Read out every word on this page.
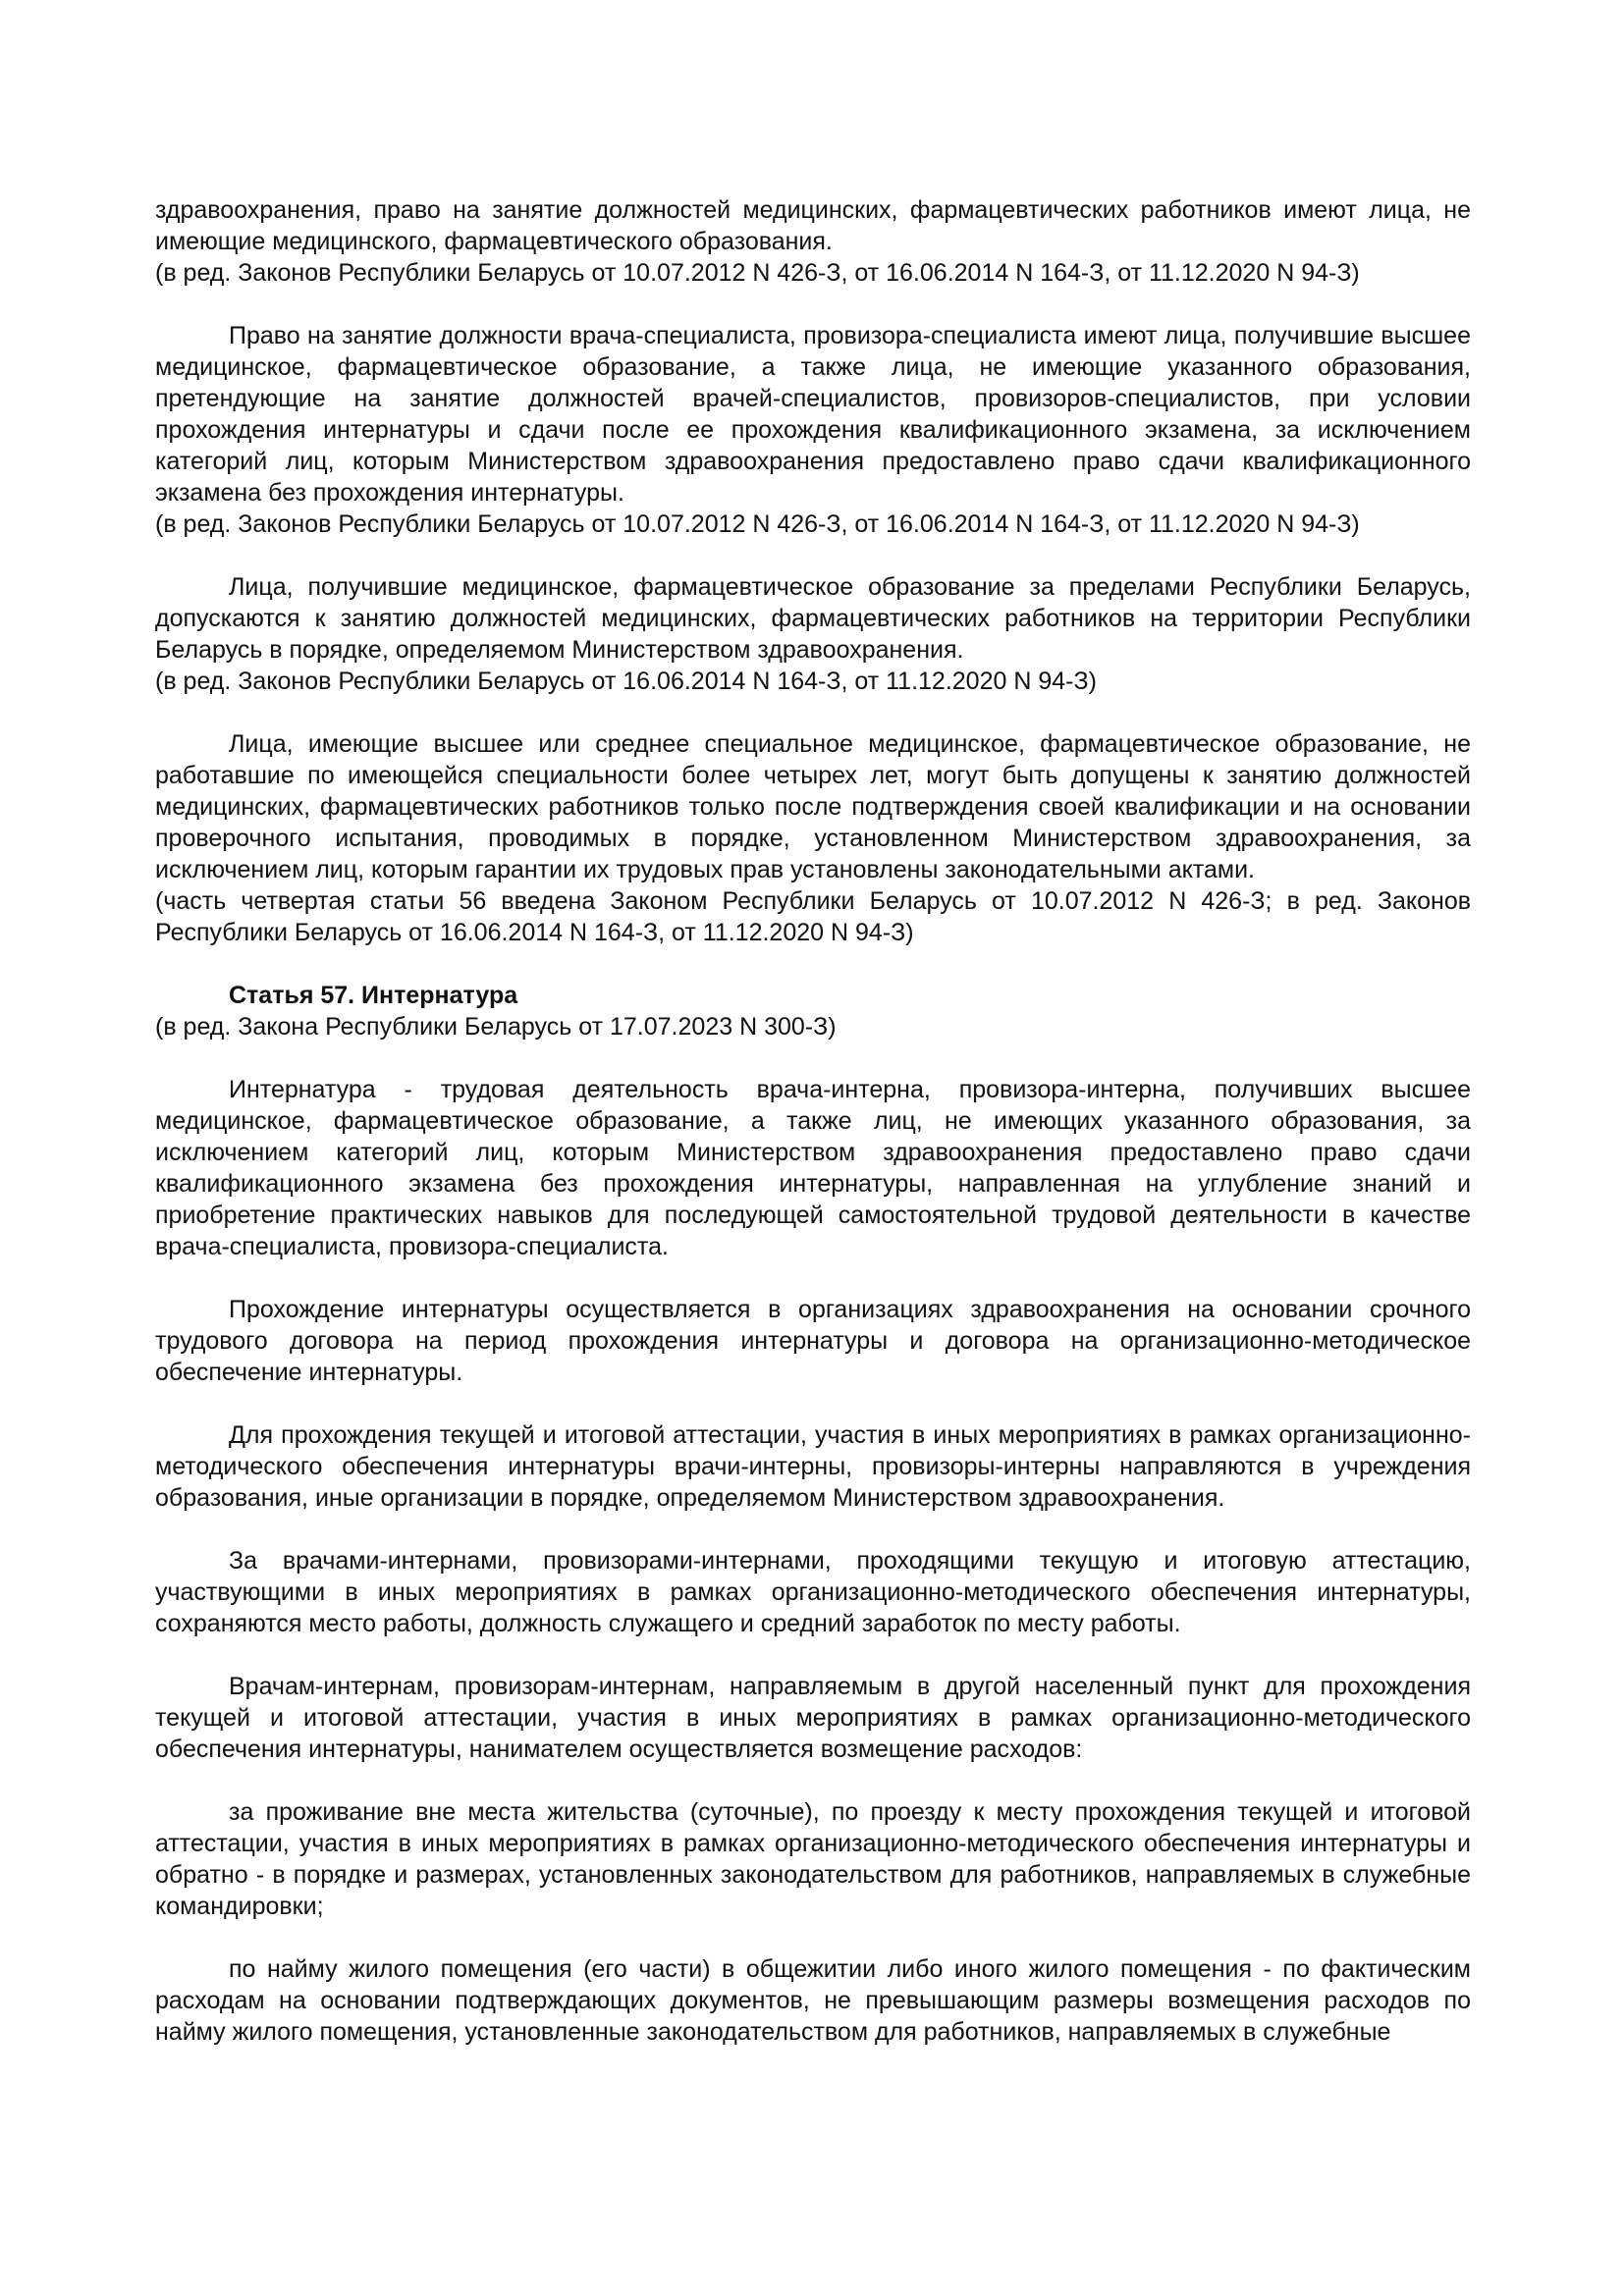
здравоохранения, право на занятие должностей медицинских, фармацевтических работников имеют лица, не имеющие медицинского, фармацевтического образования.

(в ред. Законов Республики Беларусь от 10.07.2012 N 426-З, от 16.06.2014 N 164-З, от 11.12.2020 N 94-З)

Право на занятие должности врача-специалиста, провизора-специалиста имеют лица, получившие высшее медицинское, фармацевтическое образование, а также лица, не имеющие указанного образования, претендующие на занятие должностей врачей-специалистов, провизоров-специалистов, при условии прохождения интернатуры и сдачи после ее прохождения квалификационного экзамена, за исключением категорий лиц, которым Министерством здравоохранения предоставлено право сдачи квалификационного экзамена без прохождения интернатуры.

(в ред. Законов Республики Беларусь от 10.07.2012 N 426-З, от 16.06.2014 N 164-З, от 11.12.2020 N 94-З)

Лица, получившие медицинское, фармацевтическое образование за пределами Республики Беларусь, допускаются к занятию должностей медицинских, фармацевтических работников на территории Республики Беларусь в порядке, определяемом Министерством здравоохранения.

(в ред. Законов Республики Беларусь от 16.06.2014 N 164-З, от 11.12.2020 N 94-З)

Лица, имеющие высшее или среднее специальное медицинское, фармацевтическое образование, не работавшие по имеющейся специальности более четырех лет, могут быть допущены к занятию должностей медицинских, фармацевтических работников только после подтверждения своей квалификации и на основании проверочного испытания, проводимых в порядке, установленном Министерством здравоохранения, за исключением лиц, которым гарантии их трудовых прав установлены законодательными актами.

(часть четвертая статьи 56 введена Законом Республики Беларусь от 10.07.2012 N 426-З; в ред. Законов Республики Беларусь от 16.06.2014 N 164-З, от 11.12.2020 N 94-З)

Статья 57. Интернатура

(в ред. Закона Республики Беларусь от 17.07.2023 N 300-З)

Интернатура - трудовая деятельность врача-интерна, провизора-интерна, получивших высшее медицинское, фармацевтическое образование, а также лиц, не имеющих указанного образования, за исключением категорий лиц, которым Министерством здравоохранения предоставлено право сдачи квалификационного экзамена без прохождения интернатуры, направленная на углубление знаний и приобретение практических навыков для последующей самостоятельной трудовой деятельности в качестве врача-специалиста, провизора-специалиста.

Прохождение интернатуры осуществляется в организациях здравоохранения на основании срочного трудового договора на период прохождения интернатуры и договора на организационно-методическое обеспечение интернатуры.

Для прохождения текущей и итоговой аттестации, участия в иных мероприятиях в рамках организационно-методического обеспечения интернатуры врачи-интерны, провизоры-интерны направляются в учреждения образования, иные организации в порядке, определяемом Министерством здравоохранения.

За врачами-интернами, провизорами-интернами, проходящими текущую и итоговую аттестацию, участвующими в иных мероприятиях в рамках организационно-методического обеспечения интернатуры, сохраняются место работы, должность служащего и средний заработок по месту работы.

Врачам-интернам, провизорам-интернам, направляемым в другой населенный пункт для прохождения текущей и итоговой аттестации, участия в иных мероприятиях в рамках организационно-методического обеспечения интернатуры, нанимателем осуществляется возмещение расходов:

за проживание вне места жительства (суточные), по проезду к месту прохождения текущей и итоговой аттестации, участия в иных мероприятиях в рамках организационно-методического обеспечения интернатуры и обратно - в порядке и размерах, установленных законодательством для работников, направляемых в служебные командировки;

по найму жилого помещения (его части) в общежитии либо иного жилого помещения - по фактическим расходам на основании подтверждающих документов, не превышающим размеры возмещения расходов по найму жилого помещения, установленные законодательством для работников, направляемых в служебные
